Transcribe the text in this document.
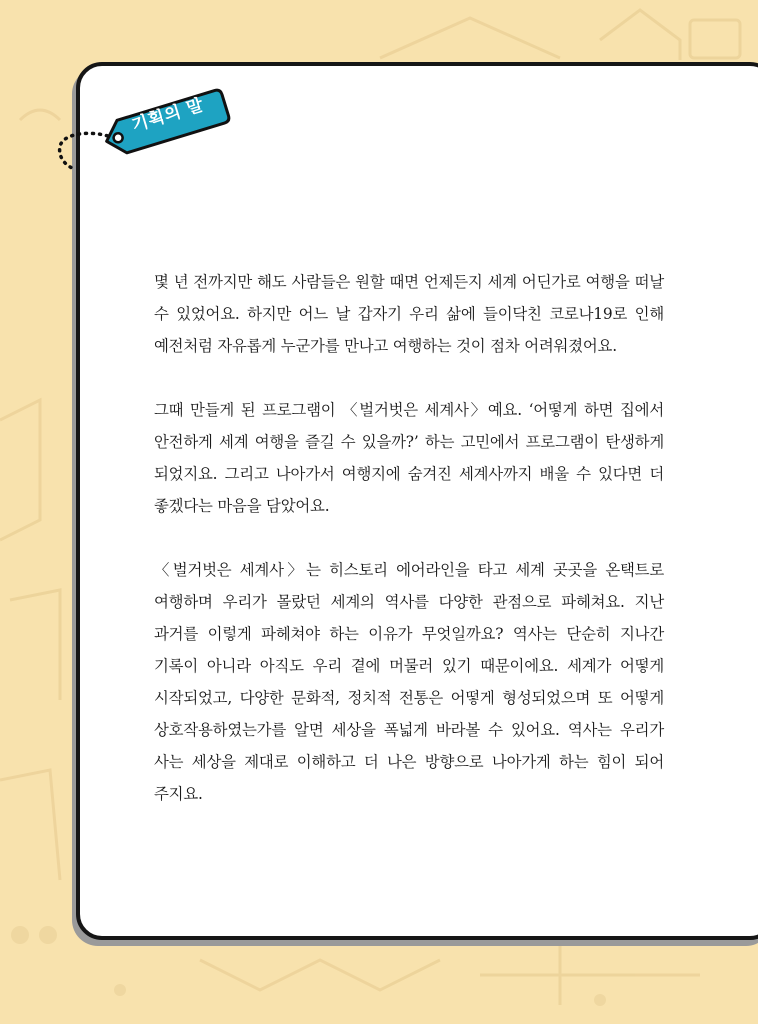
기획의 말

몇 년 전까지만 해도 사람들은 원할 때면 언제든지 세계 어딘가로 여행을 떠날 수 있었어요. 하지만 어느 날 갑자기 우리 삶에 들이닥친 코로나19로 인해 예전처럼 자유롭게 누군가를 만나고 여행하는 것이 점차 어려워졌어요.

그때 만들게 된 프로그램이 〈벌거벗은 세계사〉예요. ‘어떻게 하면 집에서 안전하게 세계 여행을 즐길 수 있을까?’ 하는 고민에서 프로그램이 탄생하게 되었지요. 그리고 나아가서 여행지에 숨겨진 세계사까지 배울 수 있다면 더 좋겠다는 마음을 담았어요.

〈벌거벗은 세계사〉는 히스토리 에어라인을 타고 세계 곳곳을 온택트로 여행하며 우리가 몰랐던 세계의 역사를 다양한 관점으로 파헤쳐요. 지난 과거를 이렇게 파헤쳐야 하는 이유가 무엇일까요? 역사는 단순히 지나간 기록이 아니라 아직도 우리 곁에 머물러 있기 때문이에요. 세계가 어떻게 시작되었고, 다양한 문화적, 정치적 전통은 어떻게 형성되었으며 또 어떻게 상호작용하였는가를 알면 세상을 폭넓게 바라볼 수 있어요. 역사는 우리가 사는 세상을 제대로 이해하고 더 나은 방향으로 나아가게 하는 힘이 되어 주지요.
